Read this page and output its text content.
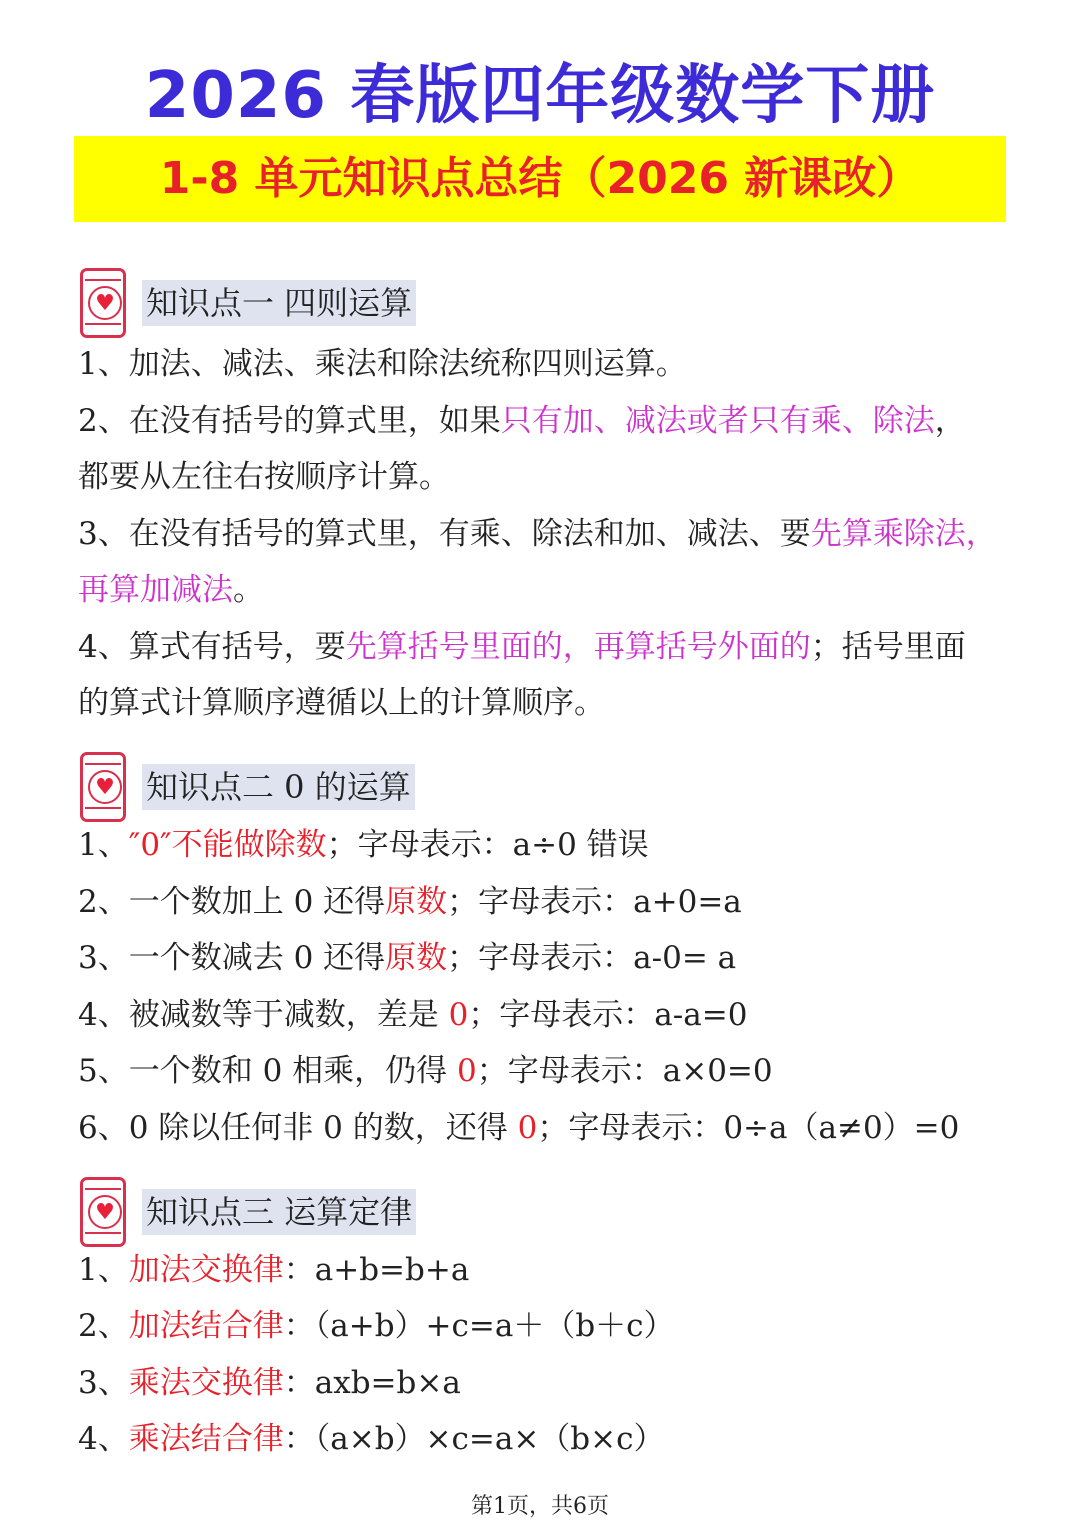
2026 春版四年级数学下册
1-8 单元知识点总结（2026 新课改）
♥ 知识点一 四则运算
1、加法、减法、乘法和除法统称四则运算。
2、在没有括号的算式里，如果只有加、减法或者只有乘、除法，
都要从左往右按顺序计算。
3、在没有括号的算式里，有乘、除法和加、减法、要先算乘除法，
再算加减法。
4、算式有括号，要先算括号里面的，再算括号外面的；括号里面
的算式计算顺序遵循以上的计算顺序。
♥ 知识点二 0 的运算
1、″0″不能做除数；字母表示：a÷0 错误
2、一个数加上 0 还得原数；字母表示：a+0=a
3、一个数减去 0 还得原数；字母表示：a-0= a
4、被减数等于减数，差是 0；字母表示：a-a=0
5、一个数和 0 相乘，仍得 0；字母表示：a×0=0
6、0 除以任何非 0 的数，还得 0；字母表示：0÷a（a≠0）=0
♥ 知识点三 运算定律
1、加法交换律：a+b=b+a
2、加法结合律：（a+b）+c=a＋（b＋c）
3、乘法交换律：axb=b×a
4、乘法结合律：（a×b）×c=a×（b×c）
第1页，共6页
